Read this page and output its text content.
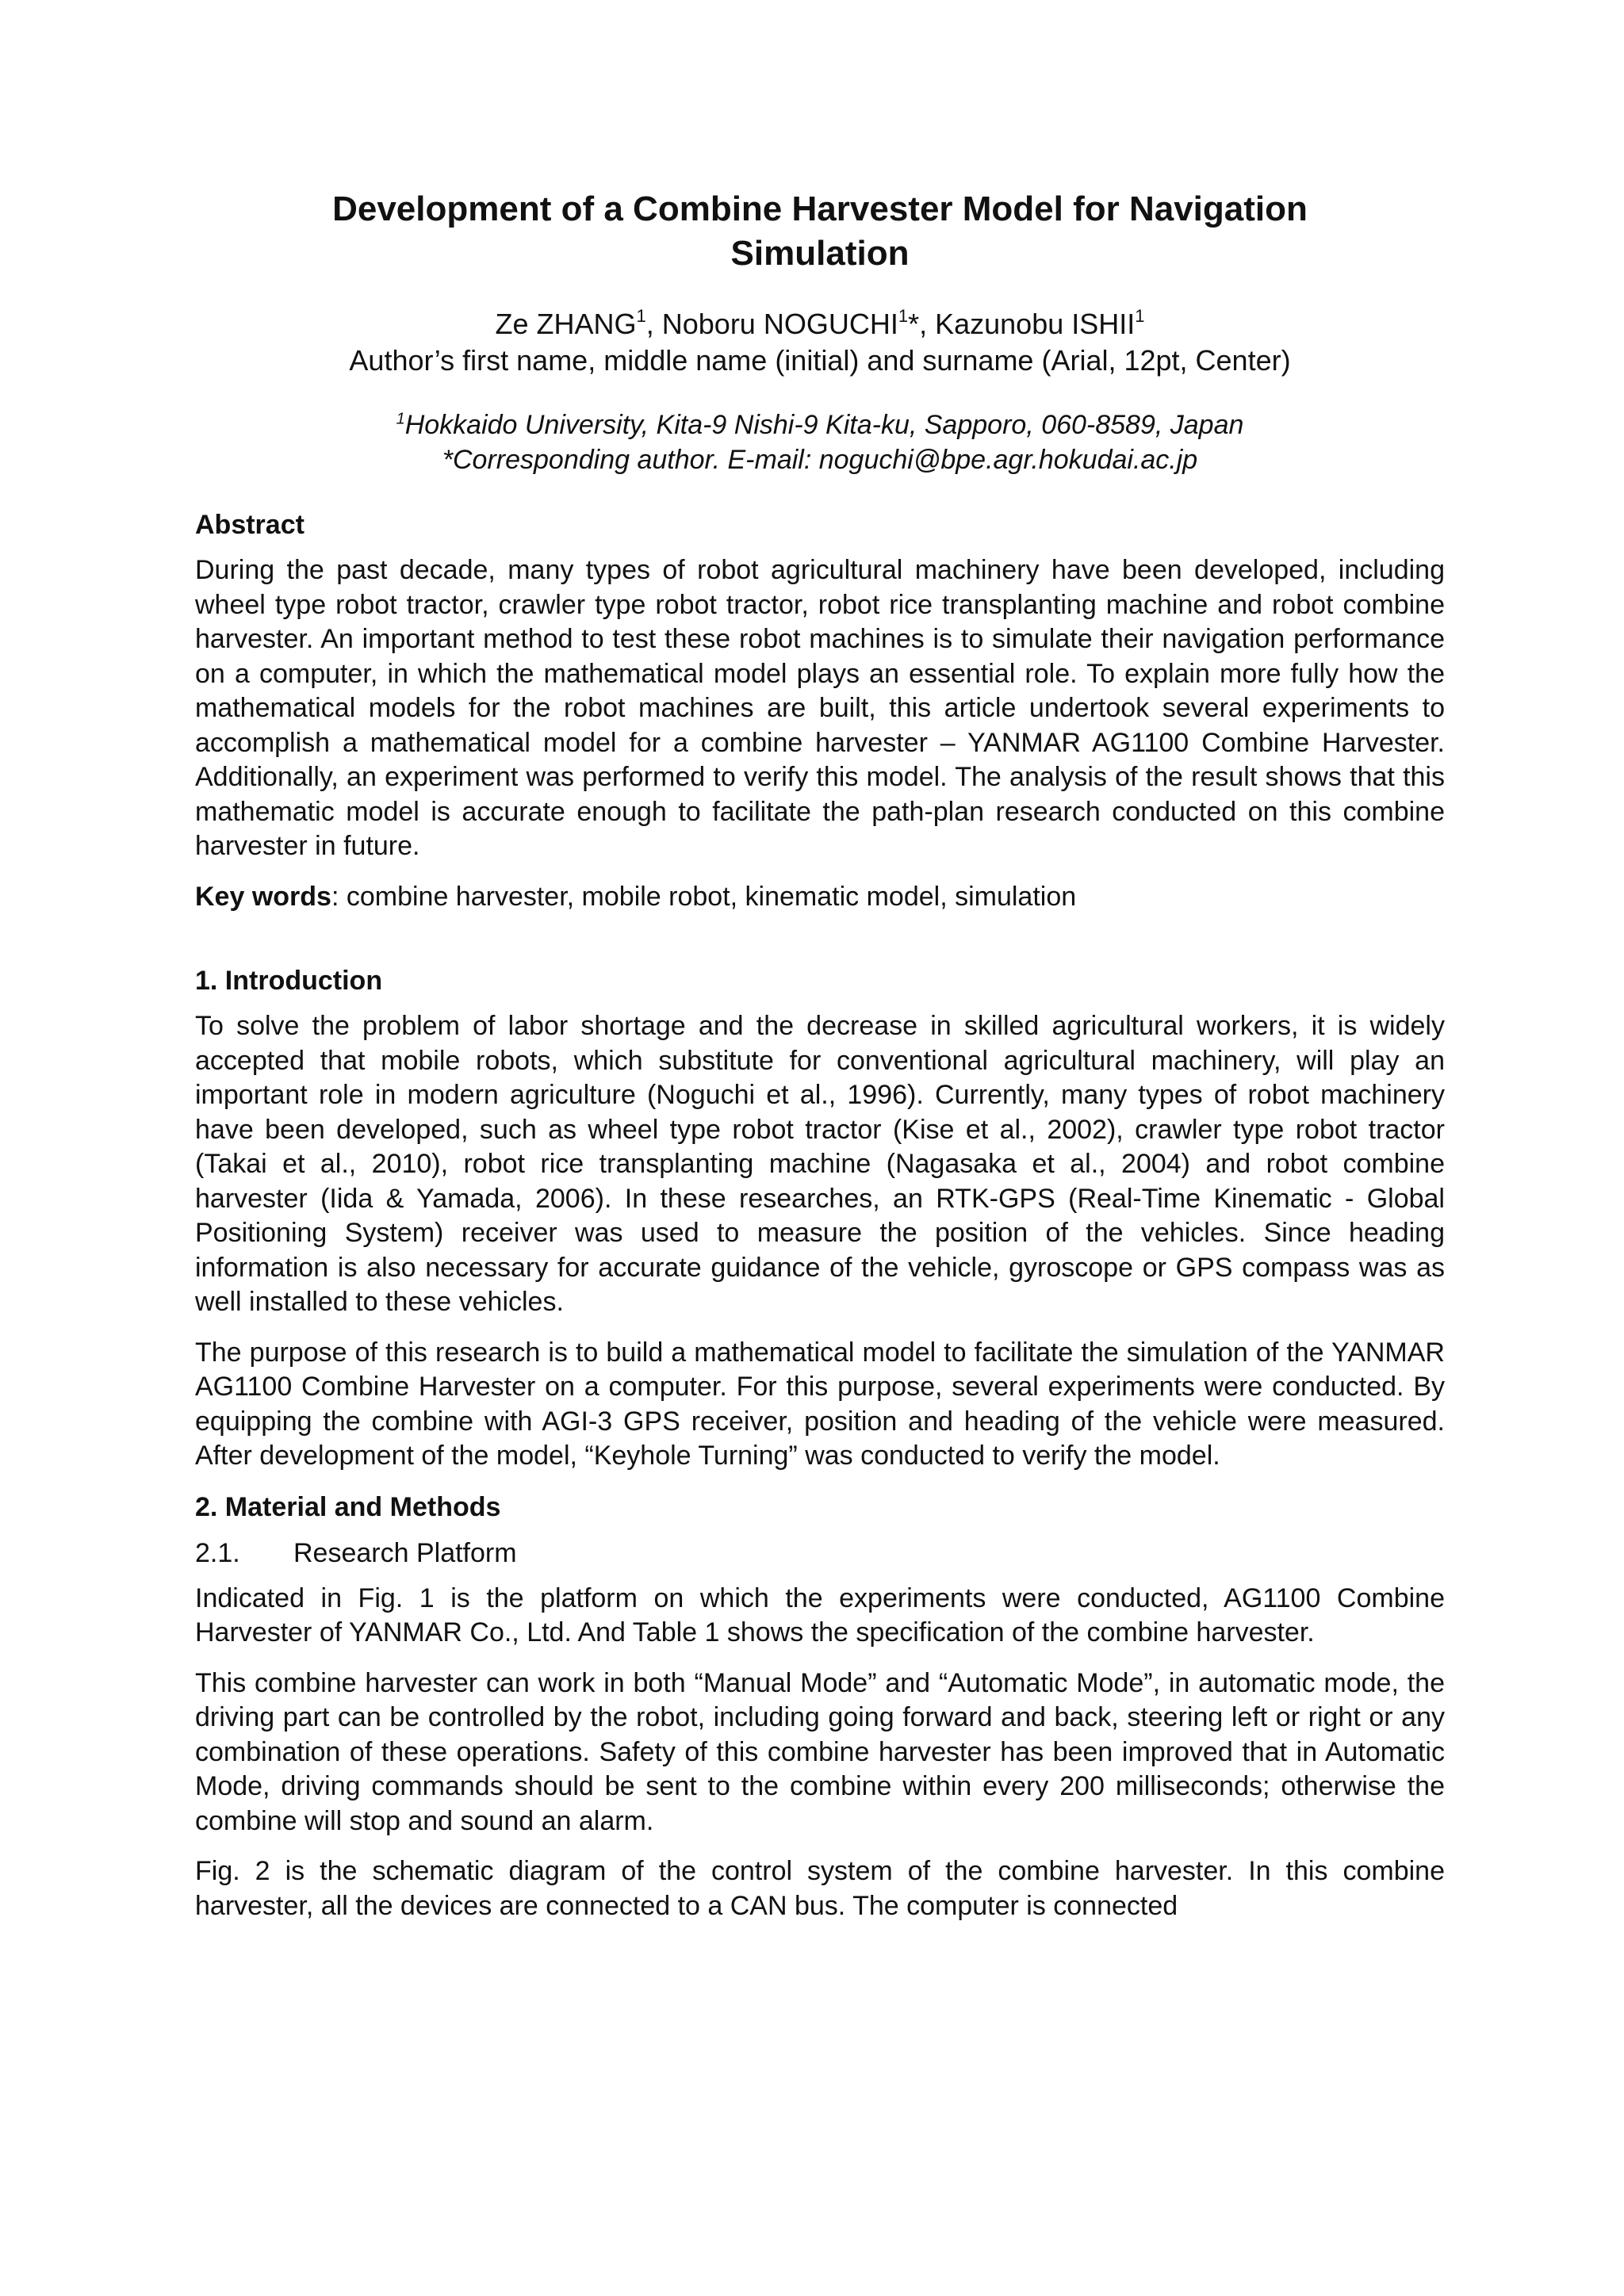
Development of a Combine Harvester Model for Navigation
Simulation
Ze ZHANG$^1$, Noboru NOGUCHI$^1$*, Kazunobu ISHII$^1$
Author’s first name, middle name (initial) and surname (Arial, 12pt, Center)
$^1$Hokkaido University, Kita-9 Nishi-9 Kita-ku, Sapporo, 060-8589, Japan
*Corresponding author. E-mail: noguchi@bpe.agr.hokudai.ac.jp
Abstract

During the past decade, many types of robot agricultural machinery have been developed, including wheel type robot tractor, crawler type robot tractor, robot rice transplanting machine and robot combine harvester. An important method to test these robot machines is to simulate their navigation performance on a computer, in which the mathematical model plays an essential role. To explain more fully how the mathematical models for the robot machines are built, this article undertook several experiments to accomplish a mathematical model for a combine harvester – YANMAR AG1100 Combine Harvester. Additionally, an experiment was performed to verify this model. The analysis of the result shows that this mathematic model is accurate enough to facilitate the path-plan research conducted on this combine harvester in future.

Key words: combine harvester, mobile robot, kinematic model, simulation

1. Introduction

To solve the problem of labor shortage and the decrease in skilled agricultural workers, it is widely accepted that mobile robots, which substitute for conventional agricultural machinery, will play an important role in modern agriculture (Noguchi et al., 1996). Currently, many types of robot machinery have been developed, such as wheel type robot tractor (Kise et al., 2002), crawler type robot tractor (Takai et al., 2010), robot rice transplanting machine (Nagasaka et al., 2004) and robot combine harvester (Iida & Yamada, 2006). In these researches, an RTK-GPS (Real-Time Kinematic - Global Positioning System) receiver was used to measure the position of the vehicles. Since heading information is also necessary for accurate guidance of the vehicle, gyroscope or GPS compass was as well installed to these vehicles.

The purpose of this research is to build a mathematical model to facilitate the simulation of the YANMAR AG1100 Combine Harvester on a computer. For this purpose, several experiments were conducted. By equipping the combine with AGI-3 GPS receiver, position and heading of the vehicle were measured. After development of the model, “Keyhole Turning” was conducted to verify the model.

2. Material and Methods
2.1. Research Platform

Indicated in Fig. 1 is the platform on which the experiments were conducted, AG1100 Combine Harvester of YANMAR Co., Ltd. And Table 1 shows the specification of the combine harvester.

This combine harvester can work in both “Manual Mode” and “Automatic Mode”, in automatic mode, the driving part can be controlled by the robot, including going forward and back, steering left or right or any combination of these operations. Safety of this combine harvester has been improved that in Automatic Mode, driving commands should be sent to the combine within every 200 milliseconds; otherwise the combine will stop and sound an alarm.

Fig. 2 is the schematic diagram of the control system of the combine harvester. In this combine harvester, all the devices are connected to a CAN bus. The computer is connected
